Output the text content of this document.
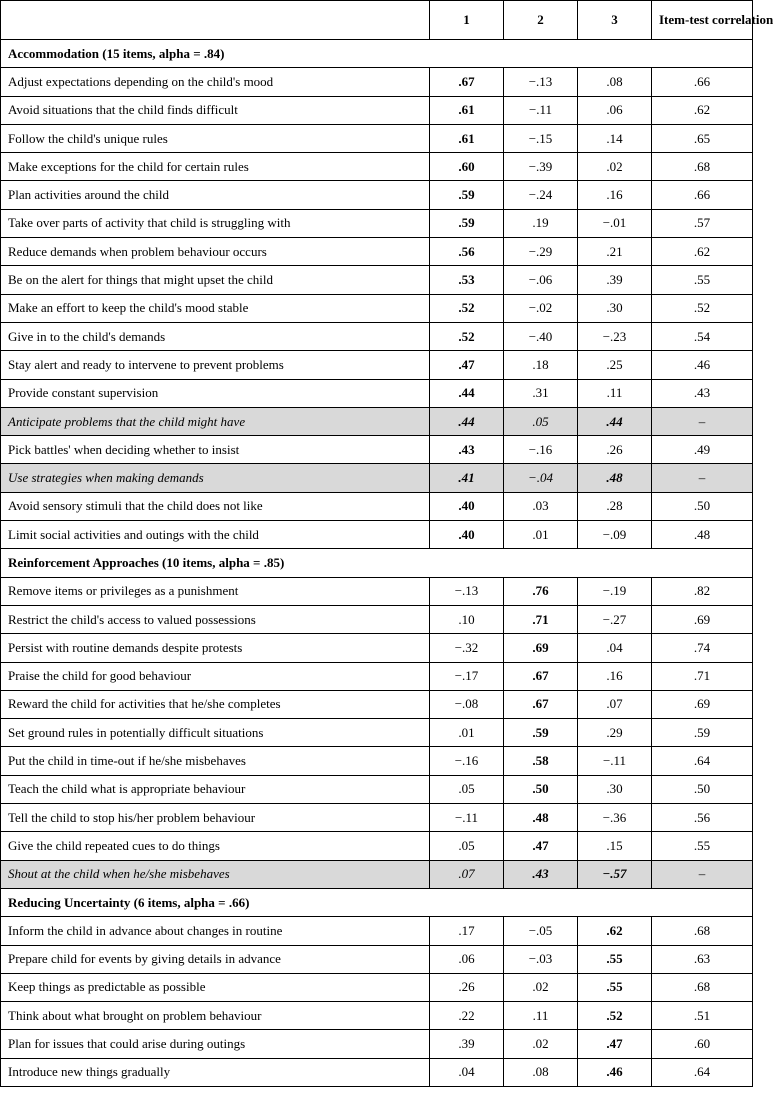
	1	2	3	Item-test correlation
Accommodation (15 items, alpha = .84)				
Adjust expectations depending on the child's mood	.67	−.13	.08	.66
Avoid situations that the child finds difficult	.61	−.11	.06	.62
Follow the child's unique rules	.61	−.15	.14	.65
Make exceptions for the child for certain rules	.60	−.39	.02	.68
Plan activities around the child	.59	−.24	.16	.66
Take over parts of activity that child is struggling with	.59	.19	−.01	.57
Reduce demands when problem behaviour occurs	.56	−.29	.21	.62
Be on the alert for things that might upset the child	.53	−.06	.39	.55
Make an effort to keep the child's mood stable	.52	−.02	.30	.52
Give in to the child's demands	.52	−.40	−.23	.54
Stay alert and ready to intervene to prevent problems	.47	.18	.25	.46
Provide constant supervision	.44	.31	.11	.43
Anticipate problems that the child might have	.44	.05	.44	–
Pick battles' when deciding whether to insist	.43	−.16	.26	.49
Use strategies when making demands	.41	−.04	.48	–
Avoid sensory stimuli that the child does not like	.40	.03	.28	.50
Limit social activities and outings with the child	.40	.01	−.09	.48
Reinforcement Approaches (10 items, alpha = .85)				
Remove items or privileges as a punishment	−.13	.76	−.19	.82
Restrict the child's access to valued possessions	.10	.71	−.27	.69
Persist with routine demands despite protests	−.32	.69	.04	.74
Praise the child for good behaviour	−.17	.67	.16	.71
Reward the child for activities that he/she completes	−.08	.67	.07	.69
Set ground rules in potentially difficult situations	.01	.59	.29	.59
Put the child in time-out if he/she misbehaves	−.16	.58	−.11	.64
Teach the child what is appropriate behaviour	.05	.50	.30	.50
Tell the child to stop his/her problem behaviour	−.11	.48	−.36	.56
Give the child repeated cues to do things	.05	.47	.15	.55
Shout at the child when he/she misbehaves	.07	.43	−.57	–
Reducing Uncertainty (6 items, alpha = .66)				
Inform the child in advance about changes in routine	.17	−.05	.62	.68
Prepare child for events by giving details in advance	.06	−.03	.55	.63
Keep things as predictable as possible	.26	.02	.55	.68
Think about what brought on problem behaviour	.22	.11	.52	.51
Plan for issues that could arise during outings	.39	.02	.47	.60
Introduce new things gradually	.04	.08	.46	.64
